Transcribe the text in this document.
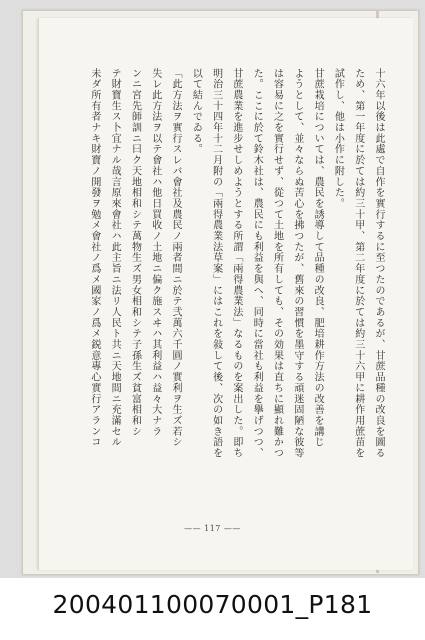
十六年以後は此處で自作を實行するに至つたのであるが、甘蔗品種の改良を圖る
ため、第一年度に於ては約三十甲、第二年度に於ては約三十六甲に耕作用蔗苗を
試作し、他は小作に附した。
甘蔗栽培については、農民を誘導して品種の改良、肥培耕作方法の改善を講じ
ようとして、並々ならぬ苦心を拂つたが、舊來の習慣を墨守する頑迷固陋な彼等
は容易に之を實行せず、從つて土地を所有しても、その効果は直ちに顯れ難かつ
た。ここに於て鈴木社は、農民にも利益を與へ、同時に當社も利益を擧げつつ、
甘蔗農業を進步せしめようとする所謂「兩得農業法」なるものを案出した。即ち
明治三十四年十二月附の「兩得農業法草案」にはこれを敍して後、次の如き語を
以て結んでゐる。
「此方法ヲ實行スレバ會社及農民ノ兩者間ニ於テ弐萬六千圓ノ實利ヲ生ズ若シ
失レ此方法ヲ以テ會社ハ他日買收ノ土地ニ偏ク施スヰハ其利益ハ益々大ナラ
ンニ宮先師訓ニ曰ク天地相和シテ萬物生ズ男女相和シテ子孫生ズ貧富相和シ
テ財寶生ス卜宜ナル哉言原來會社ハ此主旨ニ法リ人民ト共ニ天地間ニ充滿セル
未ダ所有者ナキ財寶ノ開發ヲ勉メ會社ノ爲メ國家ノ爲メ鋭意專心實行アランコ
—— 117 ——
200401100070001_P181
